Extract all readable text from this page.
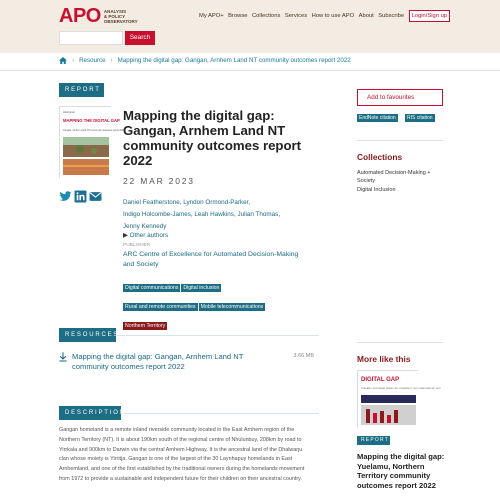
APO ANALYSIS
& POLICY
OBSERVATORY
My APO+ Browse Collections Services How to use APO About Subscribe	Login/Sign up
Search
› Resource › Mapping the digital gap: Gangan, Arnhem Land NT community outcomes report 2022
REPORT
Aboriginal
MAPPING THE DIGITAL GAP
Gangan, Arnhem Land NT community outcomes report 2022
Mapping the digital gap: Gangan, Arnhem Land NT community outcomes report 2022
22 MAR 2023
Daniel Featherstone, Lyndon Ormond-Parker,
Indigo Holcombe-James, Leah Hawkins, Julian Thomas,
Jenny Kennedy
▶ Other authors
PUBLISHER
ARC Centre of Excellence for Automated Decision-Making and Society
Digital communications Digital inclusionRural and remote communities Mobile telecommunicationsNorthern Territory
RESOURCES
Mapping the digital gap: Gangan, Arnhem Land NT community outcomes report 2022
3.66 MB
DESCRIPTION
Gangan homeland is a remote inland riverside community located in the East Arnhem region of the Northern Territory (NT). It is about 190km south of the regional centre of Nhulunbuy, 208km by road to Yirrkala and 900km to Darwin via the central Arnhem Highway. It is the ancestral land of the Dhalwaŋu clan whose moiety is Yirritja. Gangan is one of the largest of the 30 Laynhapuy homelands in East Arnhemland, and one of the first established by the traditional owners during the homelands movement from 1972 to provide a sustainable and independent future for their children on their ancestral country.
Add to favourites
EndNote citation	RIS citation
Collections
Automated Decision-Making + Society
Digital Inclusion
More like this
DIGITAL GAP
YUELAMU, NORTHERN TERRITORY COMMUNITY OUTCOMES REPORT 2022
REPORT
Mapping the digital gap: Yuelamu, Northern Territory community outcomes report 2022
